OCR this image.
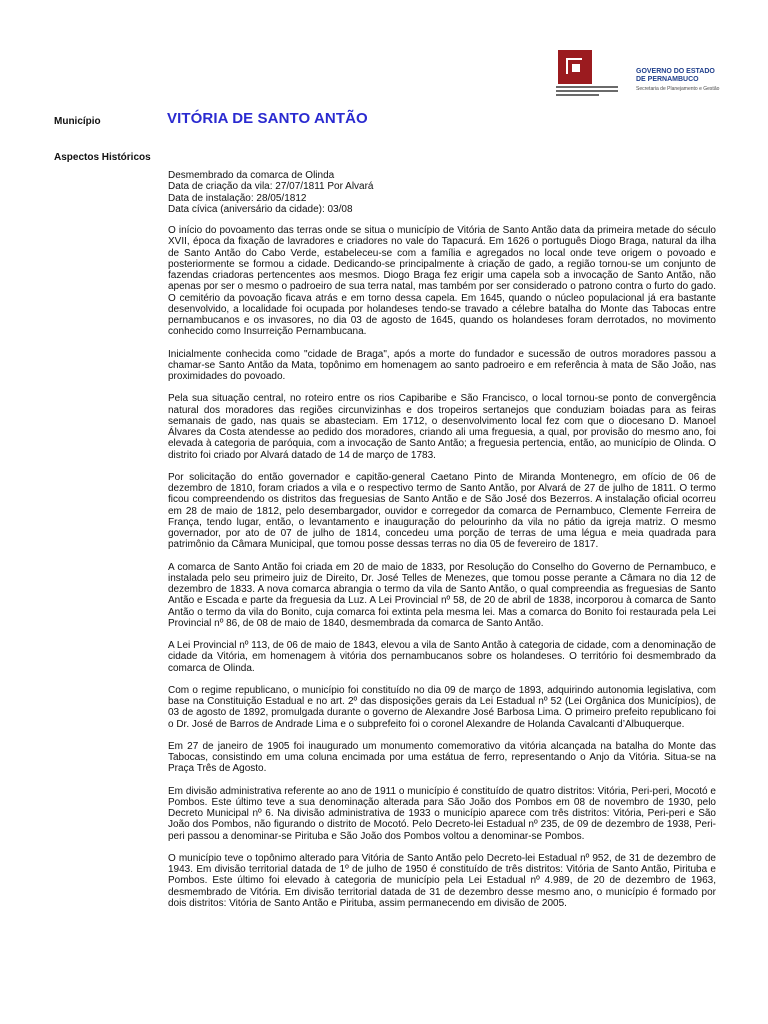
GOVERNO DO ESTADO
DE PERNAMBUCO
Secretaria de Planejamento e Gestão
Município	VITÓRIA DE SANTO ANTÃO
Aspectos Históricos
Desmembrado da comarca de Olinda
Data de criação da vila: 27/07/1811 Por Alvará
Data de instalação: 28/05/1812
Data cívica (aniversário da cidade): 03/08

O início do povoamento das terras onde se situa o município de Vitória de Santo Antão data da primeira metade do século XVII, época da fixação de lavradores e criadores no vale do Tapacurá. Em 1626 o português Diogo Braga, natural da ilha de Santo Antão do Cabo Verde, estabeleceu-se com a família e agregados no local onde teve origem o povoado e posteriormente se formou a cidade. Dedicando-se principalmente à criação de gado, a região tornou-se um conjunto de fazendas criadoras pertencentes aos mesmos. Diogo Braga fez erigir uma capela sob a invocação de Santo Antão, não apenas por ser o mesmo o padroeiro de sua terra natal, mas também por ser considerado o patrono contra o furto do gado. O cemitério da povoação ficava atrás e em torno dessa capela. Em 1645, quando o núcleo populacional já era bastante desenvolvido, a localidade foi ocupada por holandeses tendo-se travado a célebre batalha do Monte das Tabocas entre pernambucanos e os invasores, no dia 03 de agosto de 1645, quando os holandeses foram derrotados, no movimento conhecido como Insurreição Pernambucana.

Inicialmente conhecida como "cidade de Braga", após a morte do fundador e sucessão de outros moradores passou a chamar-se Santo Antão da Mata, topônimo em homenagem ao santo padroeiro e em referência à mata de São João, nas proximidades do povoado.

Pela sua situação central, no roteiro entre os rios Capibaribe e São Francisco, o local tornou-se ponto de convergência natural dos moradores das regiões circunvizinhas e dos tropeiros sertanejos que conduziam boiadas para as feiras semanais de gado, nas quais se abasteciam. Em 1712, o desenvolvimento local fez com que o diocesano D. Manoel Álvares da Costa atendesse ao pedido dos moradores, criando ali uma freguesia, a qual, por provisão do mesmo ano, foi elevada à categoria de paróquia, com a invocação de Santo Antão; a freguesia pertencia, então, ao município de Olinda. O distrito foi criado por Alvará datado de 14 de março de 1783.

Por solicitação do então governador e capitão-general Caetano Pinto de Miranda Montenegro, em ofício de 06 de dezembro de 1810, foram criados a vila e o respectivo termo de Santo Antão, por Alvará de 27 de julho de 1811. O termo ficou compreendendo os distritos das freguesias de Santo Antão e de São José dos Bezerros. A instalação oficial ocorreu em 28 de maio de 1812, pelo desembargador, ouvidor e corregedor da comarca de Pernambuco, Clemente Ferreira de França, tendo lugar, então, o levantamento e inauguração do pelourinho da vila no pátio da igreja matriz. O mesmo governador, por ato de 07 de julho de 1814, concedeu uma porção de terras de uma légua e meia quadrada para patrimônio da Câmara Municipal, que tomou posse dessas terras no dia 05 de fevereiro de 1817.

A comarca de Santo Antão foi criada em 20 de maio de 1833, por Resolução do Conselho do Governo de Pernambuco, e instalada pelo seu primeiro juiz de Direito, Dr. José Telles de Menezes, que tomou posse perante a Câmara no dia 12 de dezembro de 1833. A nova comarca abrangia o termo da vila de Santo Antão, o qual compreendia as freguesias de Santo Antão e Escada e parte da freguesia da Luz. A Lei Provincial nº 58, de 20 de abril de 1838, incorporou à comarca de Santo Antão o termo da vila do Bonito, cuja comarca foi extinta pela mesma lei. Mas a comarca do Bonito foi restaurada pela Lei Provincial nº 86, de 08 de maio de 1840, desmembrada da comarca de Santo Antão.

A Lei Provincial nº 113, de 06 de maio de 1843, elevou a vila de Santo Antão à categoria de cidade, com a denominação de cidade da Vitória, em homenagem à vitória dos pernambucanos sobre os holandeses. O território foi desmembrado da comarca de Olinda.

Com o regime republicano, o município foi constituído no dia 09 de março de 1893, adquirindo autonomia legislativa, com base na Constituição Estadual e no art. 2º das disposições gerais da Lei Estadual nº 52 (Lei Orgânica dos Municípios), de 03 de agosto de 1892, promulgada durante o governo de Alexandre José Barbosa Lima. O primeiro prefeito republicano foi o Dr. José de Barros de Andrade Lima e o subprefeito foi o coronel Alexandre de Holanda Cavalcanti d’Albuquerque.

Em 27 de janeiro de 1905 foi inaugurado um monumento comemorativo da vitória alcançada na batalha do Monte das Tabocas, consistindo em uma coluna encimada por uma estátua de ferro, representando o Anjo da Vitória. Situa-se na Praça Três de Agosto.

Em divisão administrativa referente ao ano de 1911 o município é constituído de quatro distritos: Vitória, Peri-peri, Mocotó e Pombos. Este último teve a sua denominação alterada para São João dos Pombos em 08 de novembro de 1930, pelo Decreto Municipal nº 6. Na divisão administrativa de 1933 o município aparece com três distritos: Vitória, Peri-peri e São João dos Pombos, não figurando o distrito de Mocotó. Pelo Decreto-lei Estadual nº 235, de 09 de dezembro de 1938, Peri-peri passou a denominar-se Pirituba e São João dos Pombos voltou a denominar-se Pombos.

O município teve o topônimo alterado para Vitória de Santo Antão pelo Decreto-lei Estadual nº 952, de 31 de dezembro de 1943. Em divisão territorial datada de 1º de julho de 1950 é constituído de três distritos: Vitória de Santo Antão, Pirituba e Pombos. Este último foi elevado à categoria de município pela Lei Estadual nº 4.989, de 20 de dezembro de 1963, desmembrado de Vitória. Em divisão territorial datada de 31 de dezembro desse mesmo ano, o município é formado por dois distritos: Vitória de Santo Antão e Pirituba, assim permanecendo em divisão de 2005.
